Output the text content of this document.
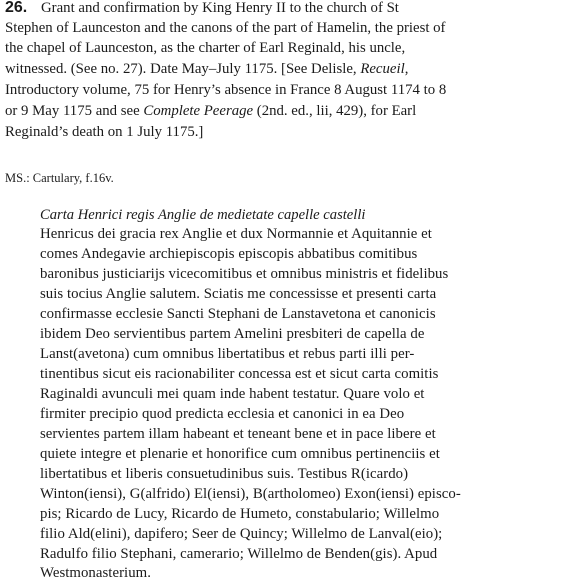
26. Grant and confirmation by King Henry II to the church of St
Stephen of Launceston and the canons of the part of Hamelin, the priest of
the chapel of Launceston, as the charter of Earl Reginald, his uncle,
witnessed. (See no. 27). Date May–July 1175. [See Delisle, Recueil,
Introductory volume, 75 for Henry’s absence in France 8 August 1174 to 8
or 9 May 1175 and see Complete Peerage (2nd. ed., lii, 429), for Earl
Reginald’s death on 1 July 1175.]
MS.: Cartulary, f.16v.
Carta Henrici regis Anglie de medietate capelle castelli
Henricus dei gracia rex Anglie et dux Normannie et Aquitannie et
comes Andegavie archiepiscopis episcopis abbatibus comitibus
baronibus justiciarijs vicecomitibus et omnibus ministris et fidelibus
suis tocius Anglie salutem. Sciatis me concessisse et presenti carta
confirmasse ecclesie Sancti Stephani de Lanstavetona et canonicis
ibidem Deo servientibus partem Amelini presbiteri de capella de
Lanst(avetona) cum omnibus libertatibus et rebus parti illi per-
tinentibus sicut eis racionabiliter concessa est et sicut carta comitis
Raginaldi avunculi mei quam inde habent testatur. Quare volo et
firmiter precipio quod predicta ecclesia et canonici in ea Deo
servientes partem illam habeant et teneant bene et in pace libere et
quiete integre et plenarie et honorifice cum omnibus pertinenciis et
libertatibus et liberis consuetudinibus suis. Testibus R(icardo)
Winton(iensi), G(alfrido) El(iensi), B(artholomeo) Exon(iensi) episco-
pis; Ricardo de Lucy, Ricardo de Humeto, constabulario; Willelmo
filio Ald(elini), dapifero; Seer de Quincy; Willelmo de Lanval(eio);
Radulfo filio Stephani, camerario; Willelmo de Benden(gis). Apud
Westmonasterium.
